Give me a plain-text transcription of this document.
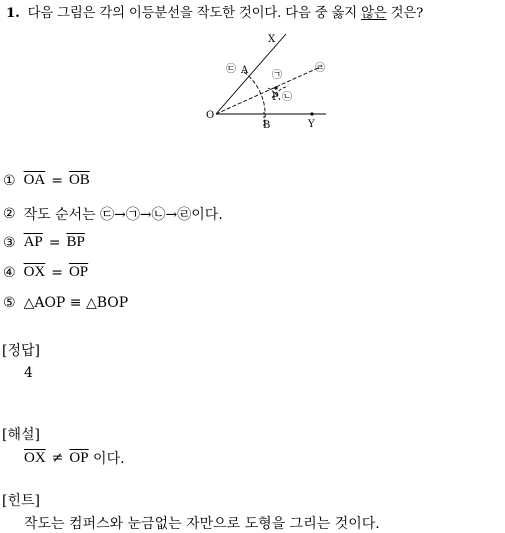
1. 다음 그림은 각의 이등분선을 작도한 것이다. 다음 중 옳지 않은 것은?
X
A
O
B	Y
P
㉠
㉡
㉢	㉣
① $\overline{OA} = \overline{OB}$
② 작도 순서는 ㉢→㉠→㉡→㉣이다.
③ $\overline{AP} = \overline{BP}$
④ $\overline{OX} = \overline{OP}$
⑤ △AOP ≡ △BOP
[정답]
4
[해설]
$\overline{OX} \ne \overline{OP}$ 이다.
[힌트]
작도는 컴퍼스와 눈금없는 자만으로 도형을 그리는 것이다.
